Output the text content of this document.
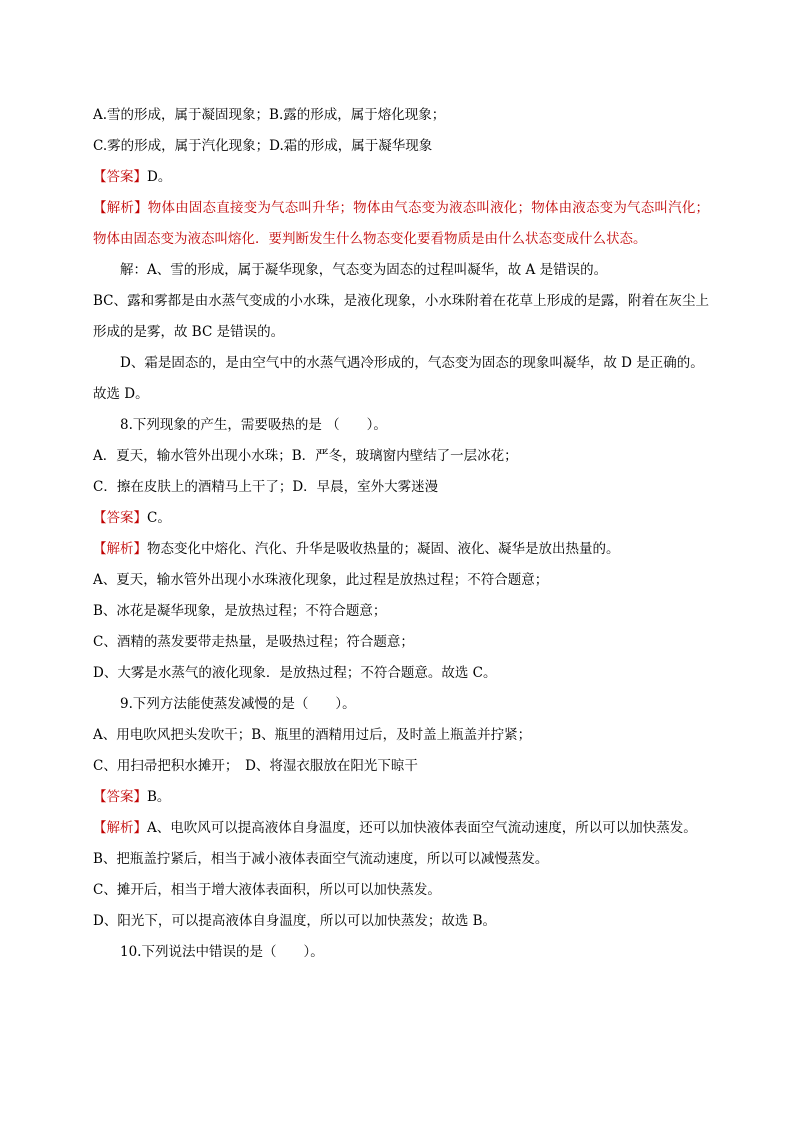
A.雪的形成，属于凝固现象；B.露的形成，属于熔化现象；
C.雾的形成，属于汽化现象；D.霜的形成，属于凝华现象
【答案】D。
【解析】物体由固态直接变为气态叫升华；物体由气态变为液态叫液化；物体由液态变为气态叫汽化；物体由固态变为液态叫熔化．要判断发生什么物态变化要看物质是由什么状态变成什么状态。
解：A、雪的形成，属于凝华现象，气态变为固态的过程叫凝华，故 A 是错误的。
BC、露和雾都是由水蒸气变成的小水珠，是液化现象，小水珠附着在花草上形成的是露，附着在灰尘上形成的是雾，故 BC 是错误的。
D、霜是固态的，是由空气中的水蒸气遇冷形成的，气态变为固态的现象叫凝华，故 D 是正确的。
故选 D。
8.下列现象的产生，需要吸热的是 （　　）。
A．夏天，输水管外出现小水珠；B．严冬，玻璃窗内壁结了一层冰花；
C．擦在皮肤上的酒精马上干了；D．早晨，室外大雾迷漫
【答案】C。
【解析】物态变化中熔化、汽化、升华是吸收热量的；凝固、液化、凝华是放出热量的。
A、夏天，输水管外出现小水珠液化现象，此过程是放热过程；不符合题意；
B、冰花是凝华现象，是放热过程；不符合题意；
C、酒精的蒸发要带走热量，是吸热过程；符合题意；
D、大雾是水蒸气的液化现象．是放热过程；不符合题意。故选 C。
9.下列方法能使蒸发减慢的是（　　）。
A、用电吹风把头发吹干；B、瓶里的酒精用过后，及时盖上瓶盖并拧紧；
C、用扫帚把积水摊开；　D、将湿衣服放在阳光下晾干
【答案】B。
【解析】A、电吹风可以提高液体自身温度，还可以加快液体表面空气流动速度，所以可以加快蒸发。
B、把瓶盖拧紧后，相当于减小液体表面空气流动速度，所以可以减慢蒸发。
C、摊开后，相当于增大液体表面积，所以可以加快蒸发。
D、阳光下，可以提高液体自身温度，所以可以加快蒸发；故选 B。
10.下列说法中错误的是（　　）。
